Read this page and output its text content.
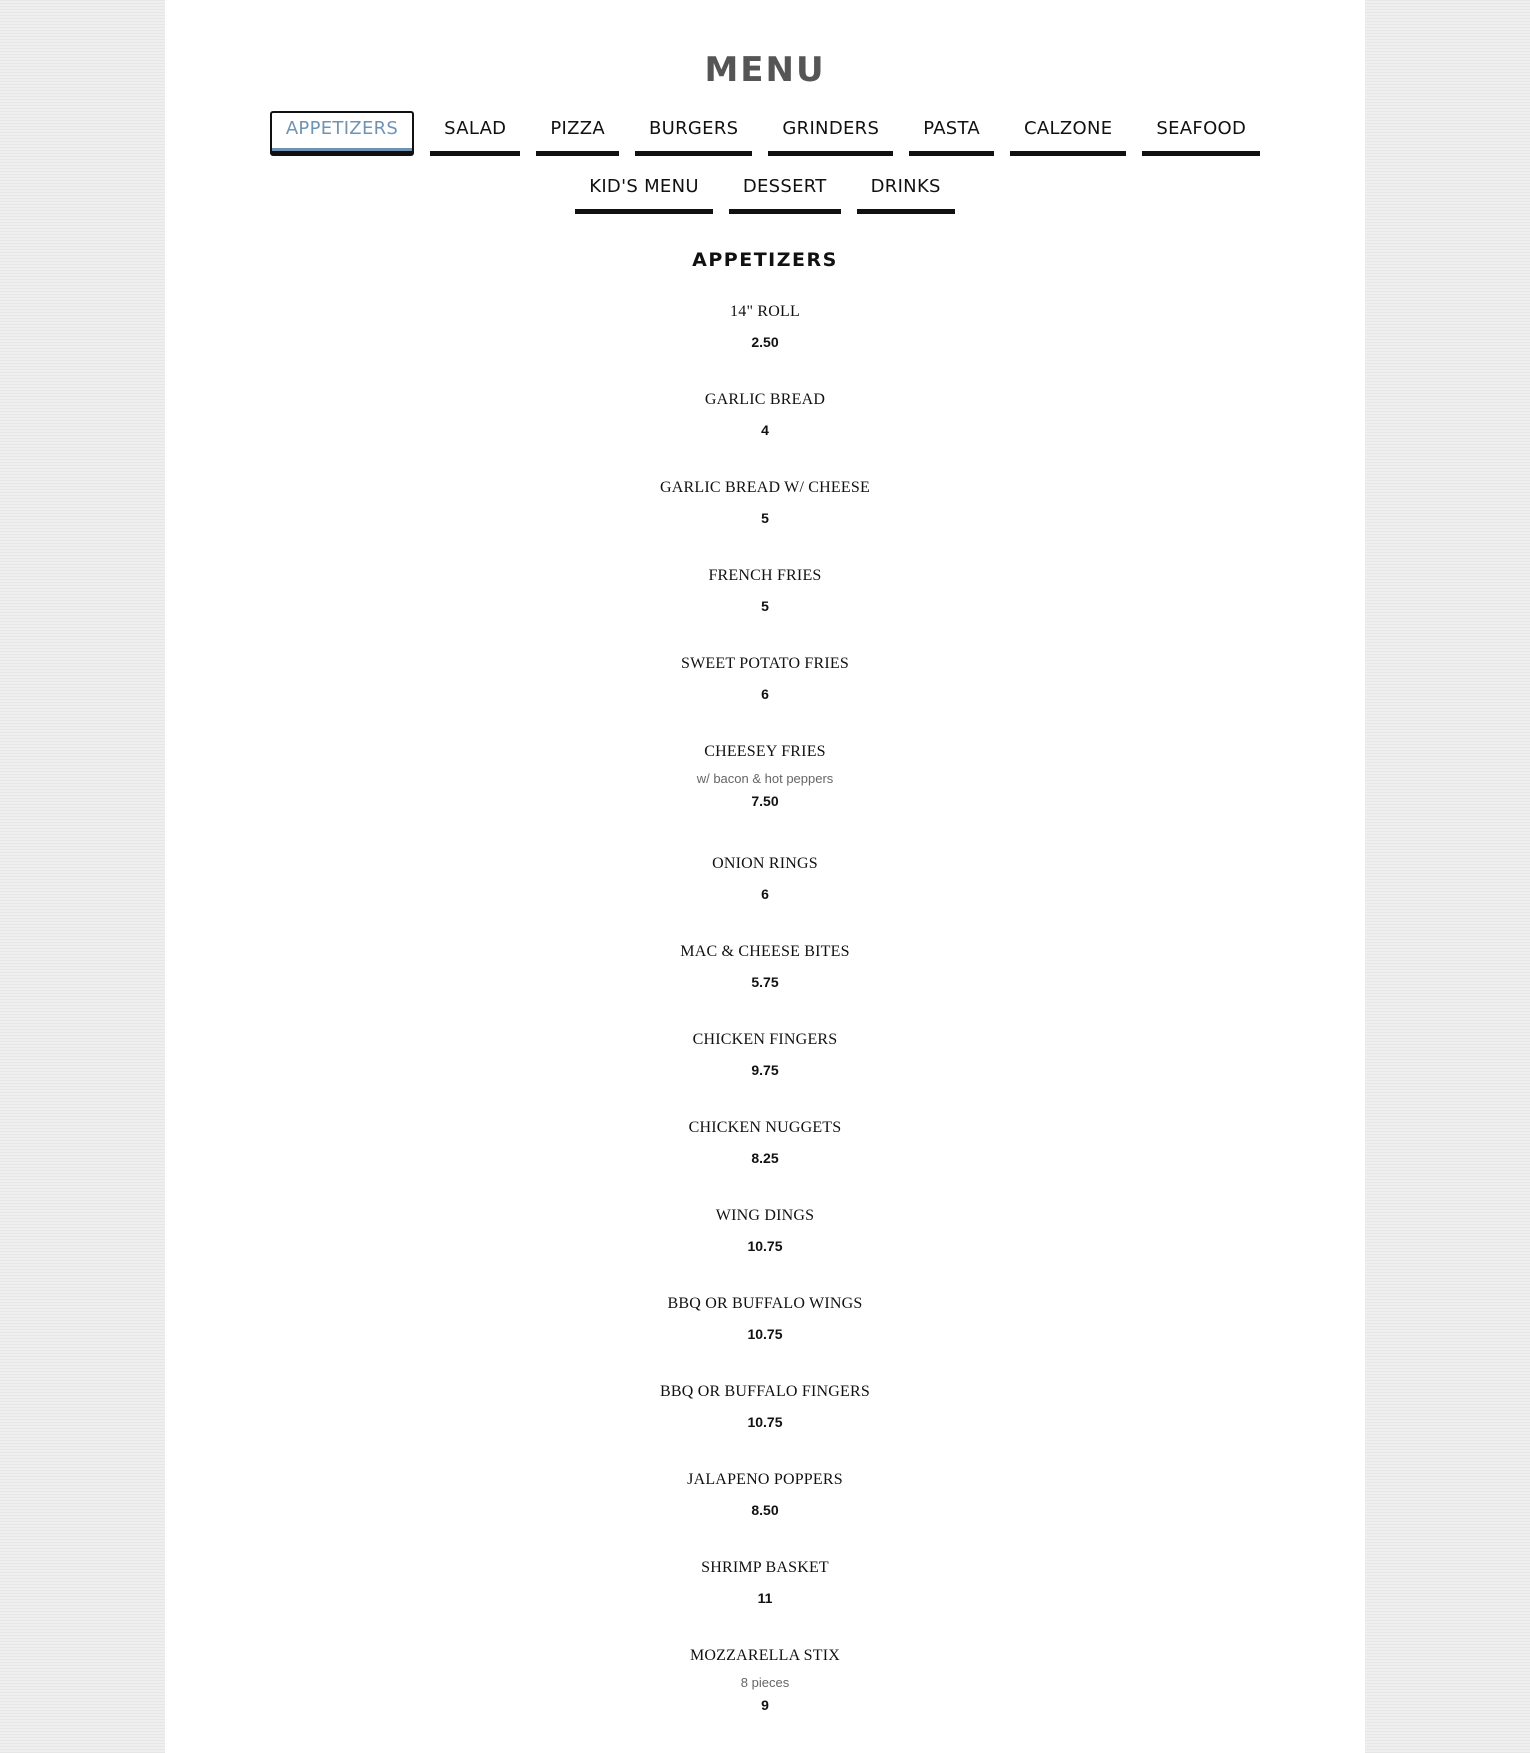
MENU
APPETIZERS	SALAD	PIZZA	BURGERS	GRINDERS	PASTA	CALZONE	SEAFOOD
KID'S MENU	DESSERT	DRINKS
APPETIZERS
14" ROLL
2.50
GARLIC BREAD
4
GARLIC BREAD W/ CHEESE
5
FRENCH FRIES
5
SWEET POTATO FRIES
6
CHEESEY FRIES
w/ bacon & hot peppers
7.50
ONION RINGS
6
MAC & CHEESE BITES
5.75
CHICKEN FINGERS
9.75
CHICKEN NUGGETS
8.25
WING DINGS
10.75
BBQ OR BUFFALO WINGS
10.75
BBQ OR BUFFALO FINGERS
10.75
JALAPENO POPPERS
8.50
SHRIMP BASKET
11
MOZZARELLA STIX
8 pieces
9
